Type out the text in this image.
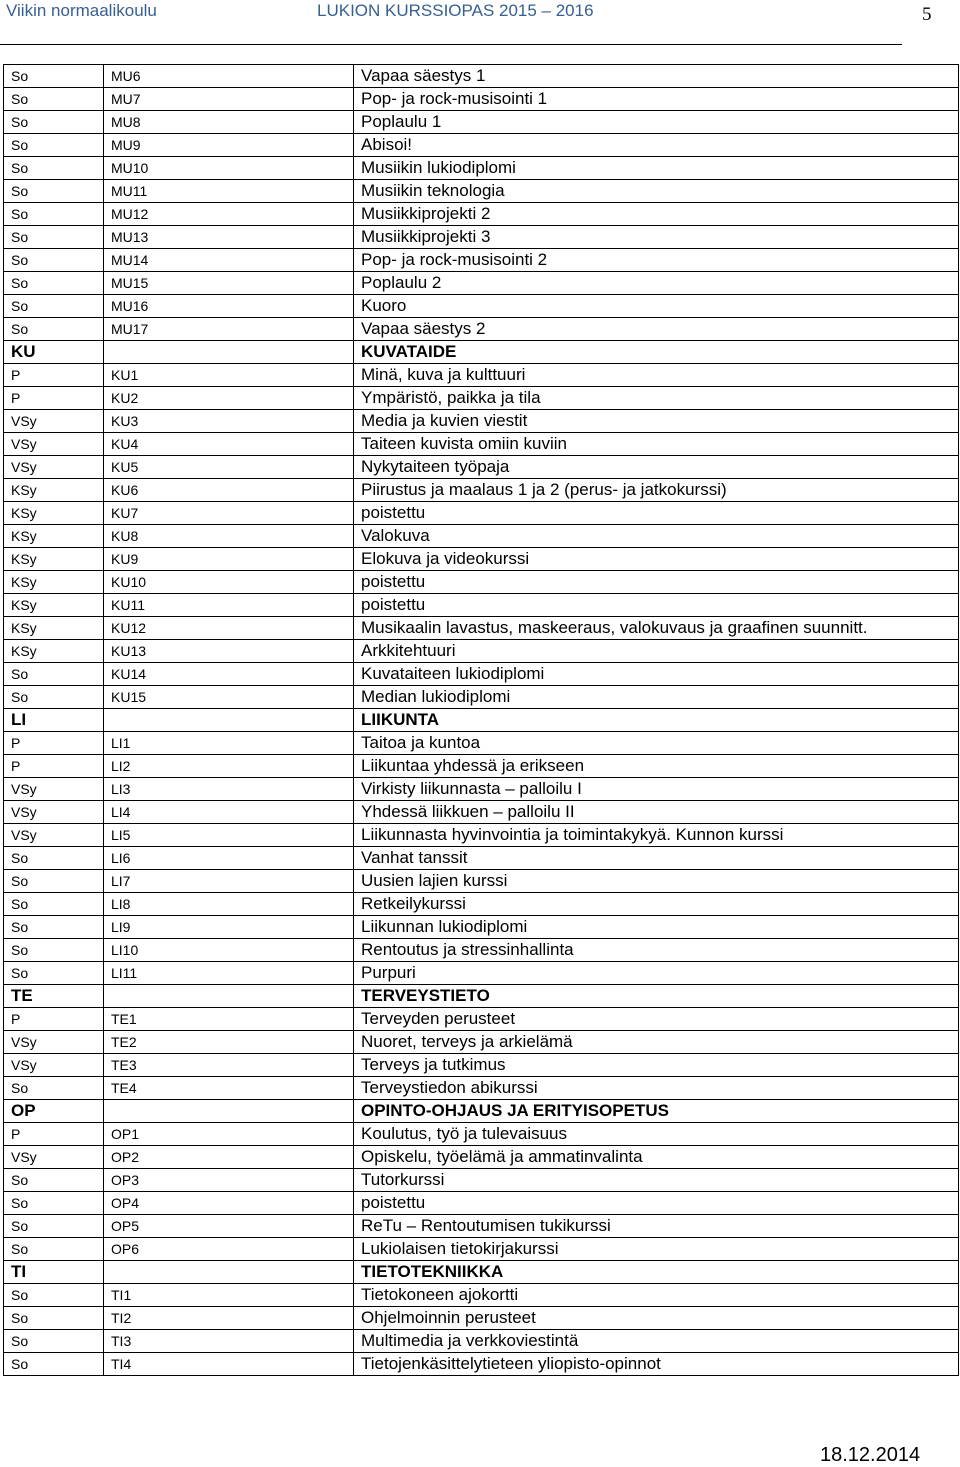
Viikin normaalikoulu	LUKION KURSSIOPAS 2015 – 2016	5
So	MU6	Vapaa säestys 1
So	MU7	Pop- ja rock-musisointi 1
So	MU8	Poplaulu 1
So	MU9	Abisoi!
So	MU10	Musiikin lukiodiplomi
So	MU11	Musiikin teknologia
So	MU12	Musiikkiprojekti 2
So	MU13	Musiikkiprojekti 3
So	MU14	Pop- ja rock-musisointi 2
So	MU15	Poplaulu 2
So	MU16	Kuoro
So	MU17	Vapaa säestys 2
KU		KUVATAIDE
P	KU1	Minä, kuva ja kulttuuri
P	KU2	Ympäristö, paikka ja tila
VSy	KU3	Media ja kuvien viestit
VSy	KU4	Taiteen kuvista omiin kuviin
VSy	KU5	Nykytaiteen työpaja
KSy	KU6	Piirustus ja maalaus 1 ja 2 (perus- ja jatkokurssi)
KSy	KU7	poistettu
KSy	KU8	Valokuva
KSy	KU9	Elokuva ja videokurssi
KSy	KU10	poistettu
KSy	KU11	poistettu
KSy	KU12	Musikaalin lavastus, maskeeraus, valokuvaus ja graafinen suunnitt.
KSy	KU13	Arkkitehtuuri
So	KU14	Kuvataiteen lukiodiplomi
So	KU15	Median lukiodiplomi
LI		LIIKUNTA
P	LI1	Taitoa ja kuntoa
P	LI2	Liikuntaa yhdessä ja erikseen
VSy	LI3	Virkisty liikunnasta – palloilu I
VSy	LI4	Yhdessä liikkuen – palloilu II
VSy	LI5	Liikunnasta hyvinvointia ja toimintakykyä. Kunnon kurssi
So	LI6	Vanhat tanssit
So	LI7	Uusien lajien kurssi
So	LI8	Retkeilykurssi
So	LI9	Liikunnan lukiodiplomi
So	LI10	Rentoutus ja stressinhallinta
So	LI11	Purpuri
TE		TERVEYSTIETO
P	TE1	Terveyden perusteet
VSy	TE2	Nuoret, terveys ja arkielämä
VSy	TE3	Terveys ja tutkimus
So	TE4	Terveystiedon abikurssi
OP		OPINTO-OHJAUS JA ERITYISOPETUS
P	OP1	Koulutus, työ ja tulevaisuus
VSy	OP2	Opiskelu, työelämä ja ammatinvalinta
So	OP3	Tutorkurssi
So	OP4	poistettu
So	OP5	ReTu – Rentoutumisen tukikurssi
So	OP6	Lukiolaisen tietokirjakurssi
TI		TIETOTEKNIIKKA
So	TI1	Tietokoneen ajokortti
So	TI2	Ohjelmoinnin perusteet
So	TI3	Multimedia ja verkkoviestintä
So	TI4	Tietojenkäsittelytieteen yliopisto-opinnot
18.12.2014
